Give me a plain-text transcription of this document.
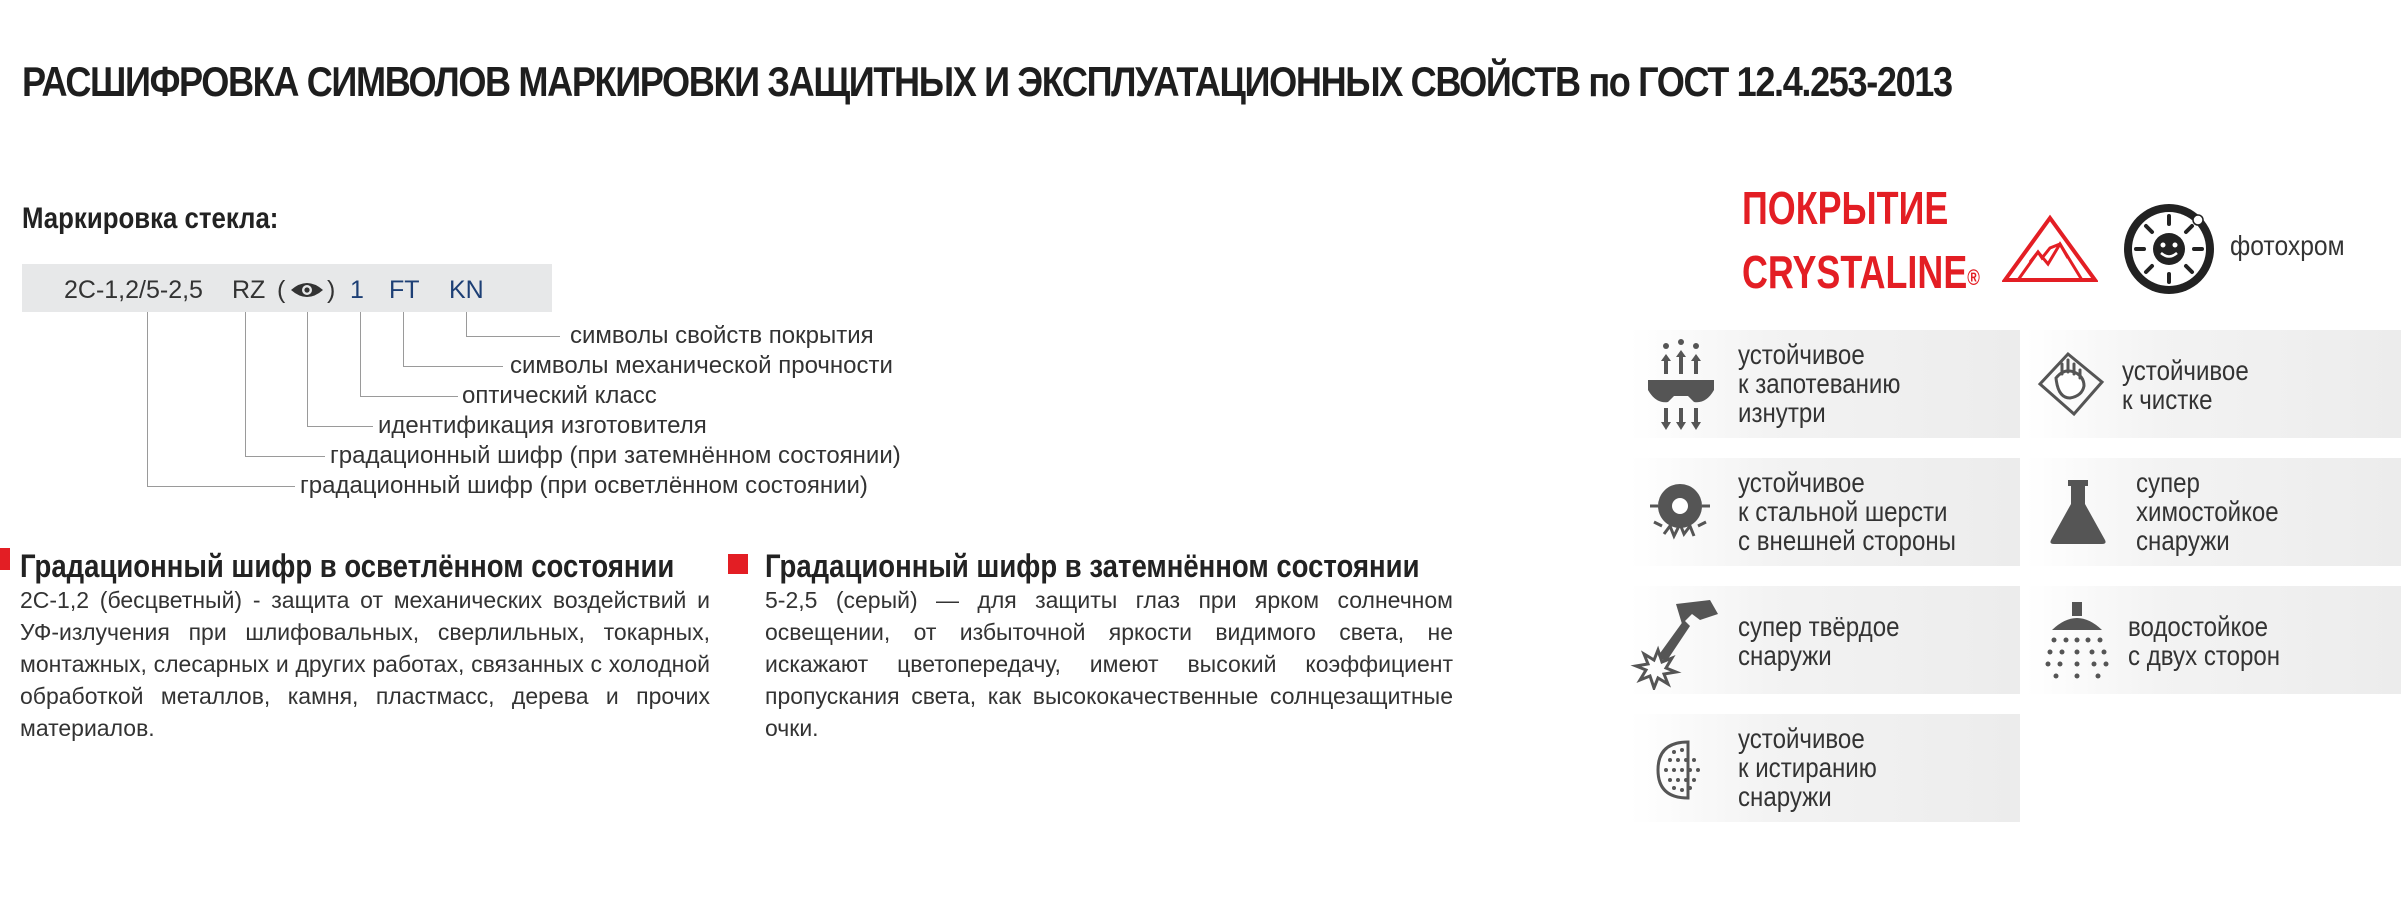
РАСШИФРОВКА СИМВОЛОВ МАРКИРОВКИ ЗАЩИТНЫХ И ЭКСПЛУАТАЦИОННЫХ СВОЙСТВ по ГОСТ 12.4.253-2013
Маркировка стекла:
2С-1,2/5-2,5 RZ ( ) 1 FT KN
символы свойств покрытия
символы механической прочности
оптический класс
идентификация изготовителя
градационный шифр (при затемнённом состоянии)
градационный шифр (при осветлённом состоянии)
Градационный шифр в осветлённом состоянии
2С-1,2 (бесцветный) - защита от механических воздействий и УФ-излучения при шлифовальных, сверлильных, токарных, монтажных, слесарных и других работах, связанных с холодной обработкой металлов, камня, пластмасс, дерева и прочих материалов.
Градационный шифр в затемнённом состоянии
5-2,5 (серый) — для защиты глаз при ярком солнечном освещении, от избыточной яркости видимого света, не искажают цветопередачу, имеют высокий коэффициент пропускания света, как высококачественные солнцезащитные очки.
ПОКРЫТИЕ
CRYSTALINE®
фотохром
устойчивое
к запотеванию
изнутри
устойчивое
к чистке
устойчивое
к стальной шерсти
с внешней стороны
супер
химостойкое
снаружи
супер твёрдое
снаружи
водостойкое
с двух сторон
устойчивое
к истиранию
снаружи
